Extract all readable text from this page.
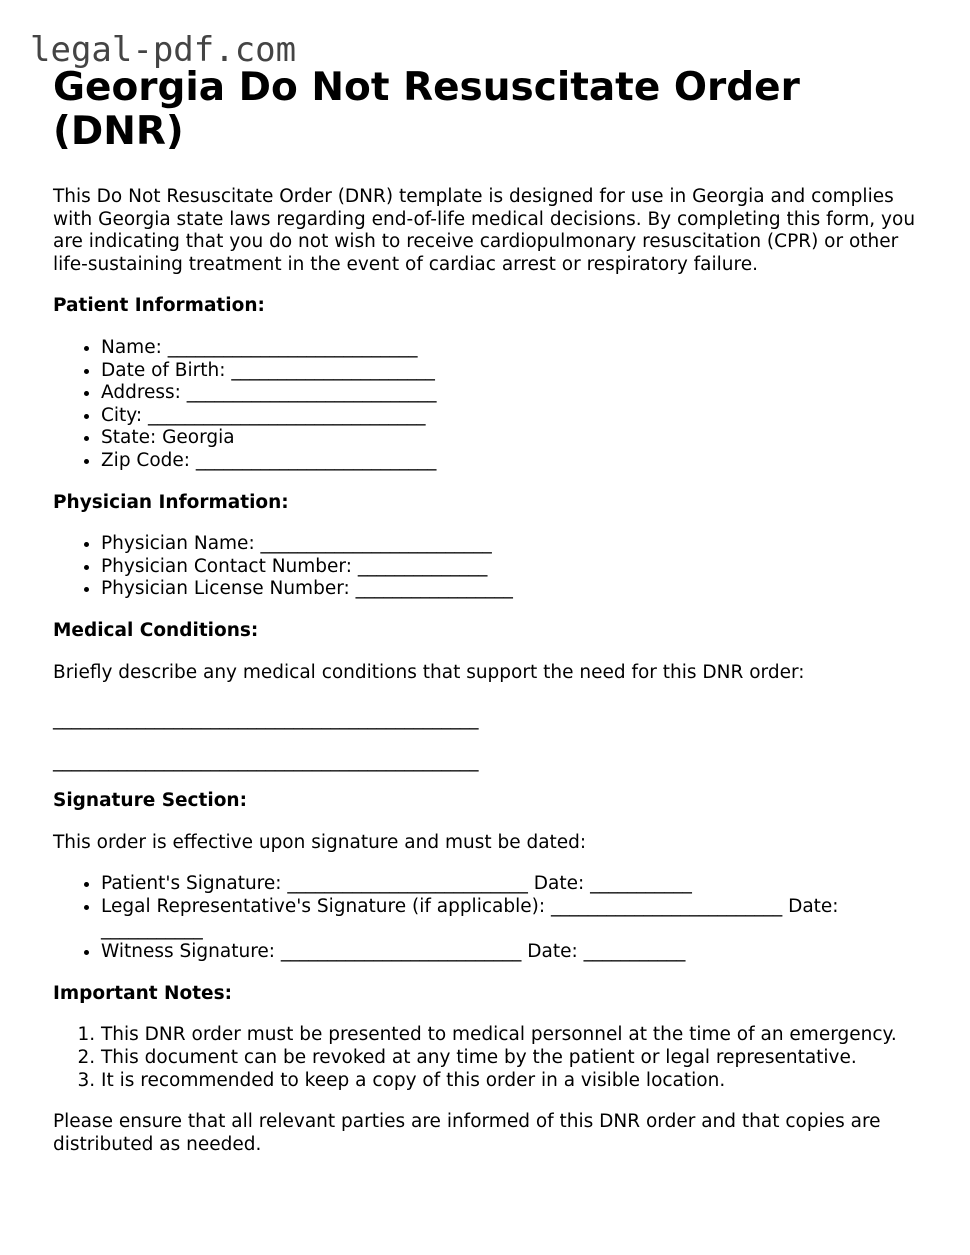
legal-pdf.com
Georgia Do Not Resuscitate Order (DNR)
This Do Not Resuscitate Order (DNR) template is designed for use in Georgia and complies with Georgia state laws regarding end-of-life medical decisions. By completing this form, you are indicating that you do not wish to receive cardiopulmonary resuscitation (CPR) or other life-sustaining treatment in the event of cardiac arrest or respiratory failure.
Patient Information:
• Name: ___________________________
• Date of Birth: ______________________
• Address: ___________________________
• City: ______________________________
• State: Georgia
• Zip Code: __________________________
Physician Information:
• Physician Name: _________________________
• Physician Contact Number: ______________
• Physician License Number: _________________
Medical Conditions:

Briefly describe any medical conditions that support the need for this DNR order:

______________________________________________
______________________________________________
Signature Section:

This order is effective upon signature and must be dated:

• Patient's Signature: __________________________ Date: ___________
• Legal Representative's Signature (if applicable): _________________________ Date: ___________
• Witness Signature: __________________________ Date: ___________
Important Notes:
1. This DNR order must be presented to medical personnel at the time of an emergency.
2. This document can be revoked at any time by the patient or legal representative.
3. It is recommended to keep a copy of this order in a visible location.

Please ensure that all relevant parties are informed of this DNR order and that copies are distributed as needed.
